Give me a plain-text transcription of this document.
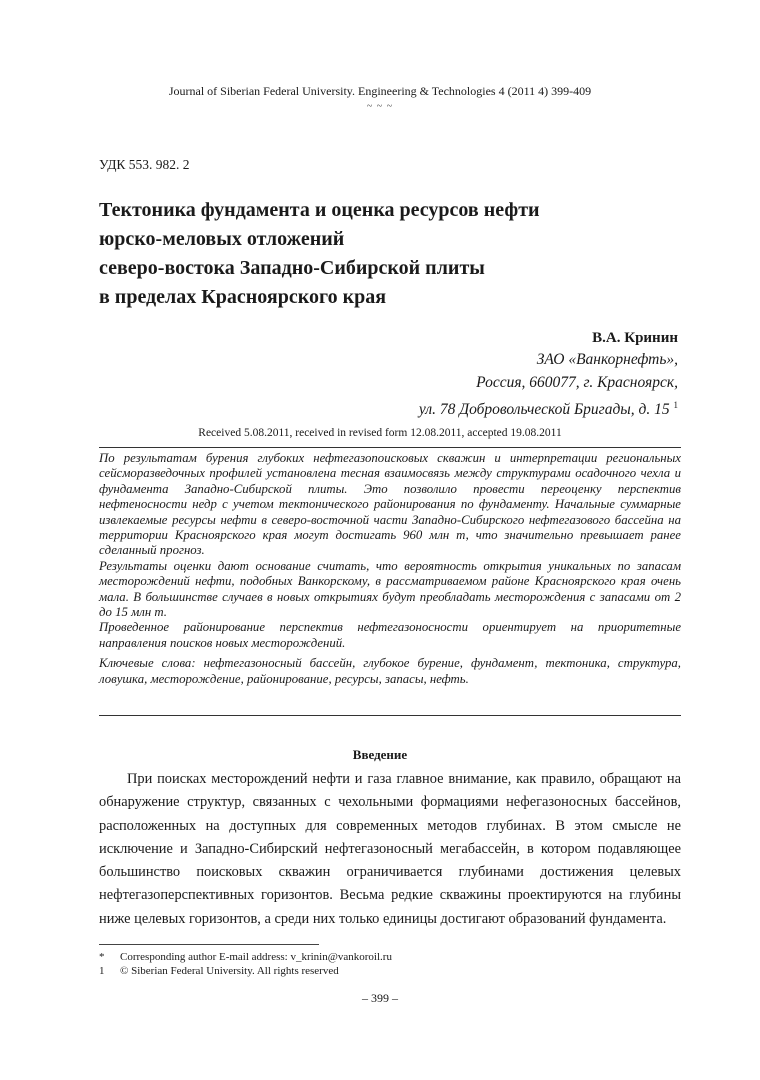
Journal of Siberian Federal University. Engineering & Technologies 4 (2011 4) 399-409
~ ~ ~
УДК 553. 982. 2
Тектоника фундамента и оценка ресурсов нефти
юрско-меловых отложений
северо-востока Западно-Сибирской плиты
в пределах Красноярского края
В.А. Кринин
ЗАО «Ванкорнефть»,
Россия, 660077, г. Красноярск,
ул. 78 Добровольческой Бригады, д. 15 $^1$
Received 5.08.2011, received in revised form 12.08.2011, accepted 19.08.2011

По результатам бурения глубоких нефтегазопоисковых скважин и интерпретации региональных сейсморазведочных профилей установлена тесная взаимосвязь между структурами осадочного чехла и фундамента Западно-Сибирской плиты. Это позволило провести переоценку перспектив нефтеносности недр с учетом тектонического районирования по фундаменту. Начальные суммарные извлекаемые ресурсы нефти в северо-восточной части Западно-Сибирского нефтегазового бассейна на территории Красноярского края могут достигать 960 млн т, что значительно превышает ранее сделанный прогноз.

Результаты оценки дают основание считать, что вероятность открытия уникальных по запасам месторождений нефти, подобных Ванкорскому, в рассматриваемом районе Красноярского края очень мала. В большинстве случаев в новых открытиях будут преобладать месторождения с запасами от 2 до 15 млн т.

Проведенное районирование перспектив нефтегазоносности ориентирует на приоритетные направления поисков новых месторождений.

Ключевые слова: нефтегазоносный бассейн, глубокое бурение, фундамент, тектоника, структура, ловушка, месторождение, районирование, ресурсы, запасы, нефть.

Введение

При поисках месторождений нефти и газа главное внимание, как правило, обращают на обнаружение структур, связанных с чехольными формациями нефегазоносных бассейнов, расположенных на доступных для современных методов глубинах. В этом смысле не исключение и Западно-Сибирский нефтегазоносный мегабассейн, в котором подавляющее большинство поисковых скважин ограничивается глубинами достижения целевых нефтегазоперспективных горизонтов. Весьма редкие скважины проектируются на глубины ниже целевых горизонтов, а среди них только единицы достигают образований фундамента.

* Corresponding author E-mail address: v_krinin@vankoroil.ru
1 © Siberian Federal University. All rights reserved
– 399 –
